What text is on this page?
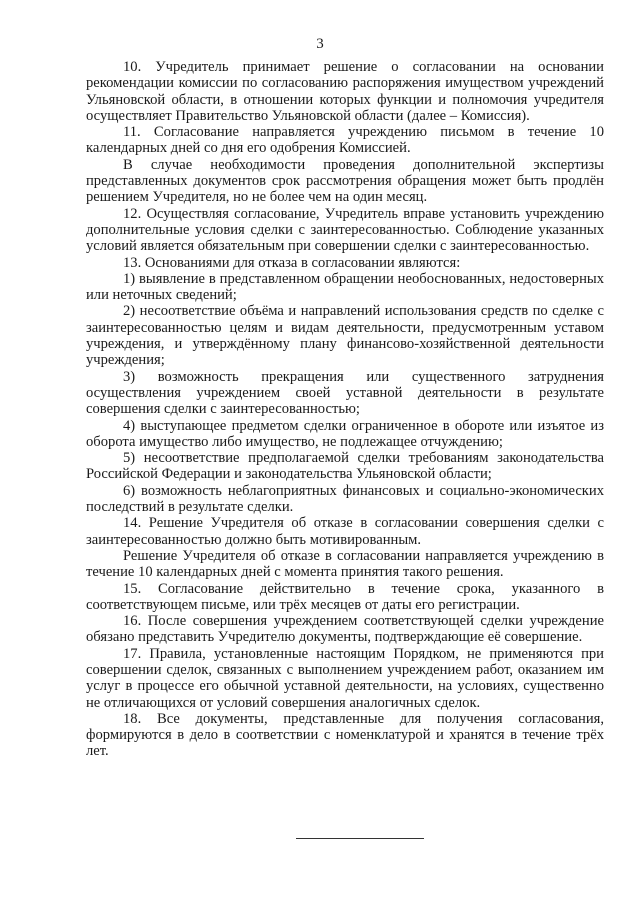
3

10. Учредитель принимает решение о согласовании на основании рекомендации комиссии по согласованию распоряжения имуществом учреждений Ульяновской области, в отношении которых функции и полномочия учредителя осуществляет Правительство Ульяновской области (далее – Комиссия).

11. Согласование направляется учреждению письмом в течение 10 календарных дней со дня его одобрения Комиссией.

В случае необходимости проведения дополнительной экспертизы представленных документов срок рассмотрения обращения может быть продлён решением Учредителя, но не более чем на один месяц.

12. Осуществляя согласование, Учредитель вправе установить учреждению дополнительные условия сделки с заинтересованностью. Соблюдение указанных условий является обязательным при совершении сделки с заинтересованностью.

13. Основаниями для отказа в согласовании являются:

1) выявление в представленном обращении необоснованных, недостоверных или неточных сведений;

2) несоответствие объёма и направлений использования средств по сделке с заинтересованностью целям и видам деятельности, предусмотренным уставом учреждения, и утверждённому плану финансово-хозяйственной деятельности учреждения;

3) возможность прекращения или существенного затруднения осуществления учреждением своей уставной деятельности в результате совершения сделки с заинтересованностью;

4) выступающее предметом сделки ограниченное в обороте или изъятое из оборота имущество либо имущество, не подлежащее отчуждению;

5) несоответствие предполагаемой сделки требованиям законодательства Российской Федерации и законодательства Ульяновской области;

6) возможность неблагоприятных финансовых и социально-экономических последствий в результате сделки.

14. Решение Учредителя об отказе в согласовании совершения сделки с заинтересованностью должно быть мотивированным.

Решение Учредителя об отказе в согласовании направляется учреждению в течение 10 календарных дней с момента принятия такого решения.

15. Согласование действительно в течение срока, указанного в соответствующем письме, или трёх месяцев от даты его регистрации.

16. После совершения учреждением соответствующей сделки учреждение обязано представить Учредителю документы, подтверждающие её совершение.

17. Правила, установленные настоящим Порядком, не применяются при совершении сделок, связанных с выполнением учреждением работ, оказанием им услуг в процессе его обычной уставной деятельности, на условиях, существенно не отличающихся от условий совершения аналогичных сделок.

18. Все документы, представленные для получения согласования, формируются в дело в соответствии с номенклатурой и хранятся в течение трёх лет.
